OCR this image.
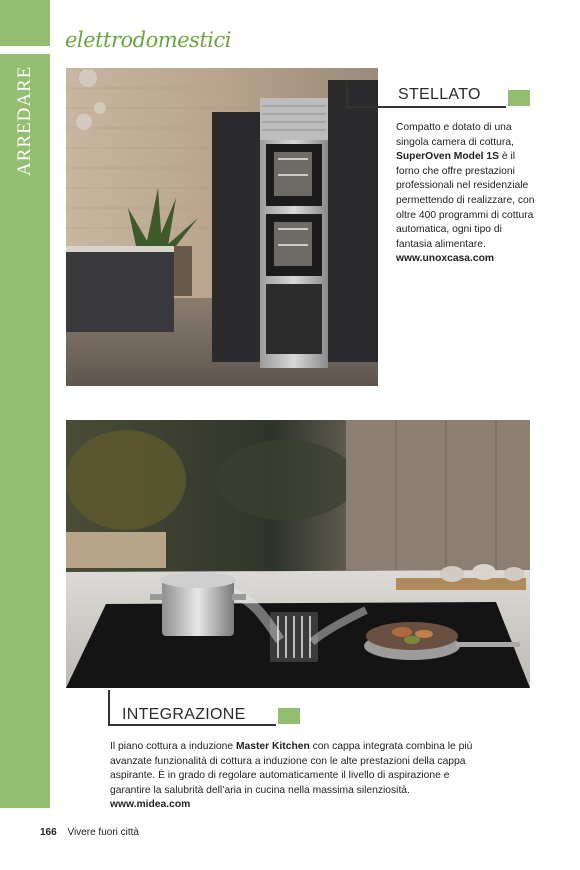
ARREDARE
elettrodomestici
STELLATO
Compatto e dotato di una singola camera di cottura, SuperOven Model 1S è il forno che offre prestazioni professionali nel residenziale permettendo di realizzare, con oltre 400 programmi di cottura automatica, ogni tipo di fantasia alimentare.
www.unoxcasa.com
INTEGRAZIONE
Il piano cottura a induzione Master Kitchen con cappa integrata combina le più avanzate funzionalità di cottura a induzione con le alte prestazioni della cappa aspirante. È in grado di regolare automaticamente il livello di aspirazione e garantire la salubrità dell’aria in cucina nella massima silenziosità.
www.midea.com
166 Vivere fuori città
